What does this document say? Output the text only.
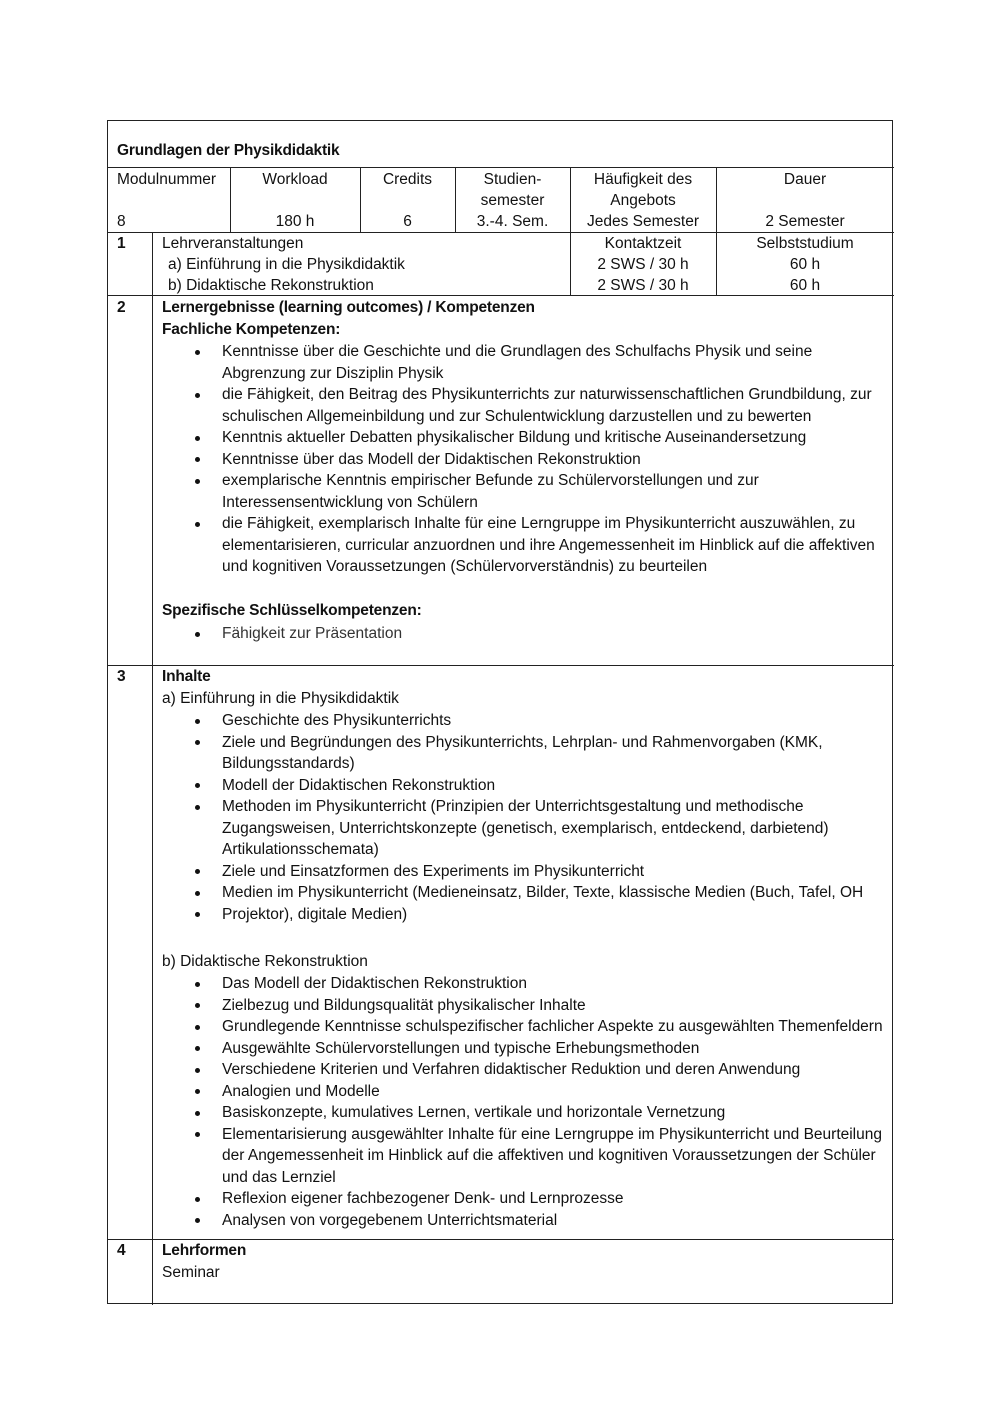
Grundlagen der Physikdidaktik
Modulnummer
8
Workload
180 h
Credits
6
Studien-
semester
3.-4. Sem.
Häufigkeit des
Angebots
Jedes Semester
Dauer
2 Semester
1 Lehrveranstaltungen
a) Einführung in die Physikdidaktik
b) Didaktische Rekonstruktion
Kontaktzeit
2 SWS / 30 h
2 SWS / 30 h
Selbststudium
60 h
60 h
2 Lernergebnisse (learning outcomes) / Kompetenzen
Fachliche Kompetenzen:
Kenntnisse über die Geschichte und die Grundlagen des Schulfachs Physik und seine
Abgrenzung zur Disziplin Physik
die Fähigkeit, den Beitrag des Physikunterrichts zur naturwissenschaftlichen Grundbildung, zur
schulischen Allgemeinbildung und zur Schulentwicklung darzustellen und zu bewerten
Kenntnis aktueller Debatten physikalischer Bildung und kritische Auseinandersetzung
Kenntnisse über das Modell der Didaktischen Rekonstruktion
exemplarische Kenntnis empirischer Befunde zu Schülervorstellungen und zur
Interessensentwicklung von Schülern
die Fähigkeit, exemplarisch Inhalte für eine Lerngruppe im Physikunterricht auszuwählen, zu
elementarisieren, curricular anzuordnen und ihre Angemessenheit im Hinblick auf die affektiven
und kognitiven Voraussetzungen (Schülervorverständnis) zu beurteilen
Spezifische Schlüsselkompetenzen:
Fähigkeit zur Präsentation
3 Inhalte
a) Einführung in die Physikdidaktik
Geschichte des Physikunterrichts
Ziele und Begründungen des Physikunterrichts, Lehrplan- und Rahmenvorgaben (KMK,
Bildungsstandards)
Modell der Didaktischen Rekonstruktion
Methoden im Physikunterricht (Prinzipien der Unterrichtsgestaltung und methodische
Zugangsweisen, Unterrichtskonzepte (genetisch, exemplarisch, entdeckend, darbietend)
Artikulationsschemata)
Ziele und Einsatzformen des Experiments im Physikunterricht
Medien im Physikunterricht (Medieneinsatz, Bilder, Texte, klassische Medien (Buch, Tafel, OH
Projektor), digitale Medien)
b) Didaktische Rekonstruktion
Das Modell der Didaktischen Rekonstruktion
Zielbezug und Bildungsqualität physikalischer Inhalte
Grundlegende Kenntnisse schulspezifischer fachlicher Aspekte zu ausgewählten Themenfeldern
Ausgewählte Schülervorstellungen und typische Erhebungsmethoden
Verschiedene Kriterien und Verfahren didaktischer Reduktion und deren Anwendung
Analogien und Modelle
Basiskonzepte, kumulatives Lernen, vertikale und horizontale Vernetzung
Elementarisierung ausgewählter Inhalte für eine Lerngruppe im Physikunterricht und Beurteilung
der Angemessenheit im Hinblick auf die affektiven und kognitiven Voraussetzungen der Schüler
und das Lernziel
Reflexion eigener fachbezogener Denk- und Lernprozesse
Analysen von vorgegebenem Unterrichtsmaterial
4 Lehrformen
Seminar
